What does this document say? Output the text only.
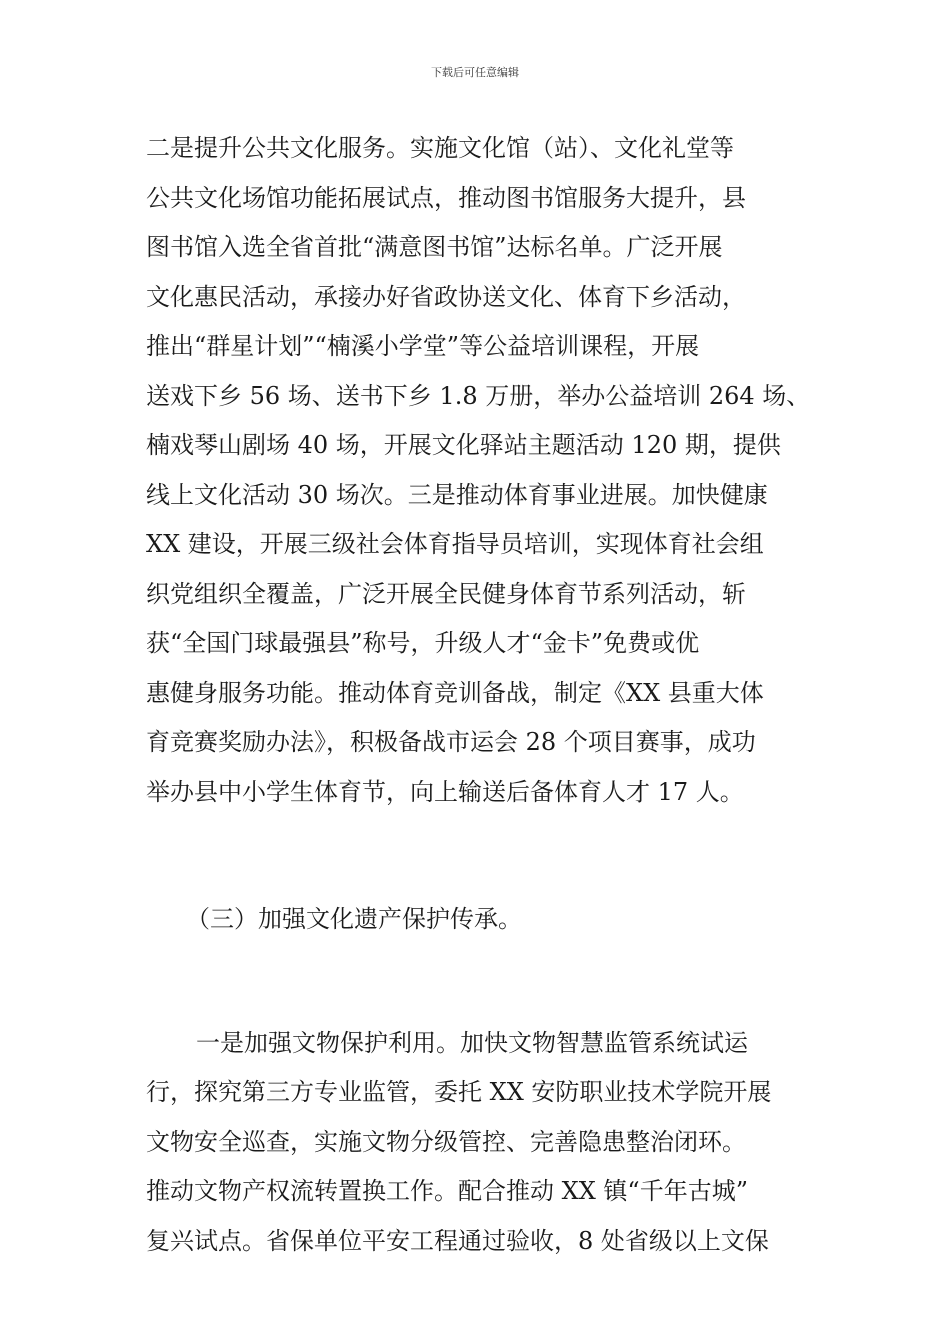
下载后可任意编辑
二是提升公共文化服务。实施文化馆（站）、文化礼堂等
公共文化场馆功能拓展试点，推动图书馆服务大提升，县
图书馆入选全省首批“满意图书馆”达标名单。广泛开展
文化惠民活动，承接办好省政协送文化、体育下乡活动，
推出“群星计划”“楠溪小学堂”等公益培训课程，开展
送戏下乡 56 场、送书下乡 1.8 万册，举办公益培训 264 场、
楠戏琴山剧场 40 场，开展文化驿站主题活动 120 期，提供
线上文化活动 30 场次。三是推动体育事业进展。加快健康
XX 建设，开展三级社会体育指导员培训，实现体育社会组
织党组织全覆盖，广泛开展全民健身体育节系列活动，斩
获“全国门球最强县”称号，升级人才“金卡”免费或优
惠健身服务功能。推动体育竞训备战，制定《XX 县重大体
育竞赛奖励办法》，积极备战市运会 28 个项目赛事，成功
举办县中小学生体育节，向上输送后备体育人才 17 人。

（三）加强文化遗产保护传承。

一是加强文物保护利用。加快文物智慧监管系统试运
行，探究第三方专业监管，委托 XX 安防职业技术学院开展
文物安全巡查，实施文物分级管控、完善隐患整治闭环。
推动文物产权流转置换工作。配合推动 XX 镇“千年古城”
复兴试点。省保单位平安工程通过验收，8 处省级以上文保
